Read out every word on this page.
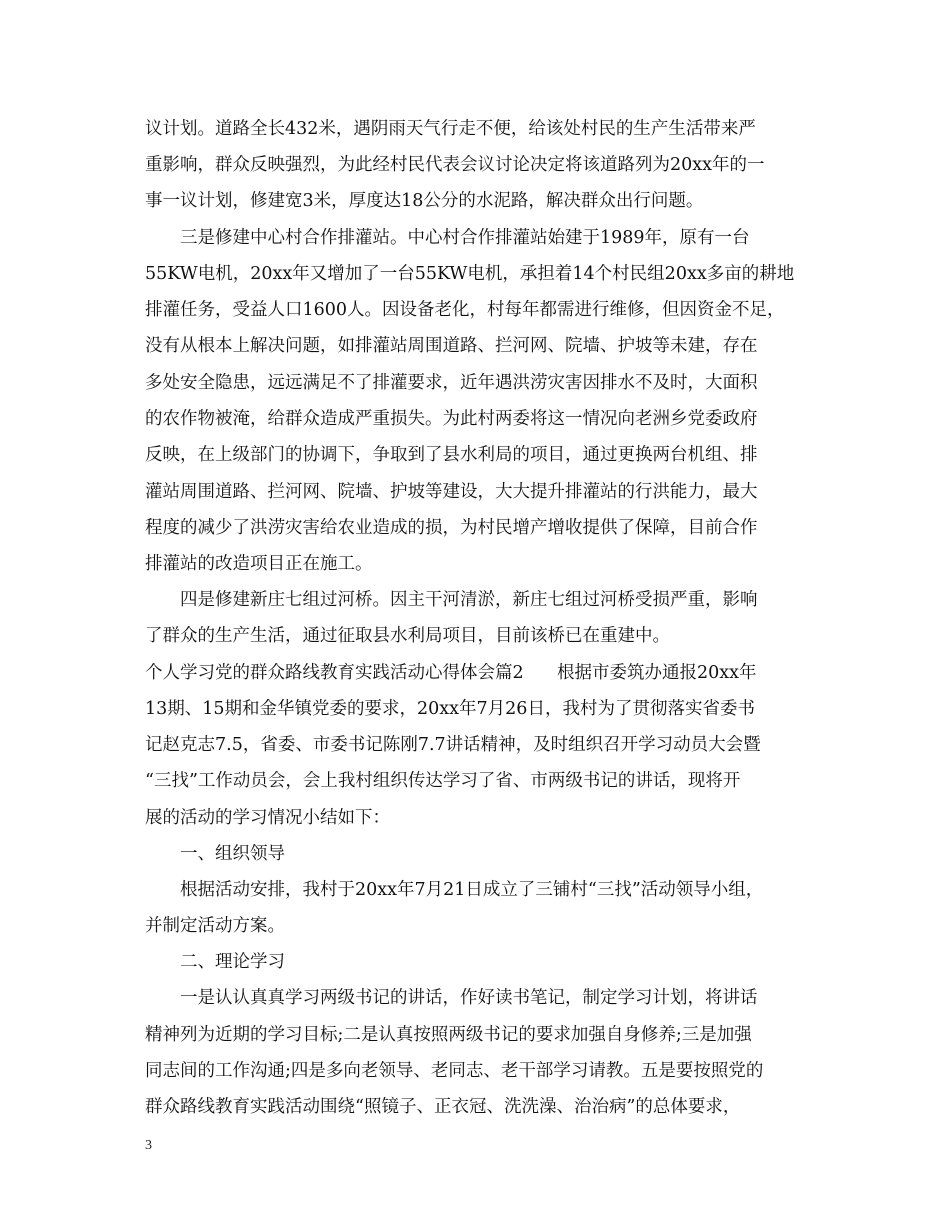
议计划。道路全长432米，遇阴雨天气行走不便，给该处村民的生产生活带来严
重影响，群众反映强烈，为此经村民代表会议讨论决定将该道路列为20xx年的一
事一议计划，修建宽3米，厚度达18公分的水泥路，解决群众出行问题。
三是修建中心村合作排灌站。中心村合作排灌站始建于1989年，原有一台
55KW电机，20xx年又增加了一台55KW电机，承担着14个村民组20xx多亩的耕地
排灌任务，受益人口1600人。因设备老化，村每年都需进行维修，但因资金不足，
没有从根本上解决问题，如排灌站周围道路、拦河网、院墙、护坡等未建，存在
多处安全隐患，远远满足不了排灌要求，近年遇洪涝灾害因排水不及时，大面积
的农作物被淹，给群众造成严重损失。为此村两委将这一情况向老洲乡党委政府
反映，在上级部门的协调下，争取到了县水利局的项目，通过更换两台机组、排
灌站周围道路、拦河网、院墙、护坡等建设，大大提升排灌站的行洪能力，最大
程度的减少了洪涝灾害给农业造成的损，为村民增产增收提供了保障，目前合作
排灌站的改造项目正在施工。
四是修建新庄七组过河桥。因主干河清淤，新庄七组过河桥受损严重，影响
了群众的生产生活，通过征取县水利局项目，目前该桥已在重建中。
个人学习党的群众路线教育实践活动心得体会篇2      根据市委筑办通报20xx年
13期、15期和金华镇党委的要求，20xx年7月26日，我村为了贯彻落实省委书
记赵克志7.5，省委、市委书记陈刚7.7讲话精神，及时组织召开学习动员大会暨
“三找”工作动员会，会上我村组织传达学习了省、市两级书记的讲话，现将开
展的活动的学习情况小结如下：
一、组织领导
根据活动安排，我村于20xx年7月21日成立了三铺村“三找”活动领导小组，
并制定活动方案。
二、理论学习
一是认认真真学习两级书记的讲话，作好读书笔记，制定学习计划，将讲话
精神列为近期的学习目标;二是认真按照两级书记的要求加强自身修养;三是加强
同志间的工作沟通;四是多向老领导、老同志、老干部学习请教。五是要按照党的
群众路线教育实践活动围绕“照镜子、正衣冠、洗洗澡、治治病”的总体要求，
3
